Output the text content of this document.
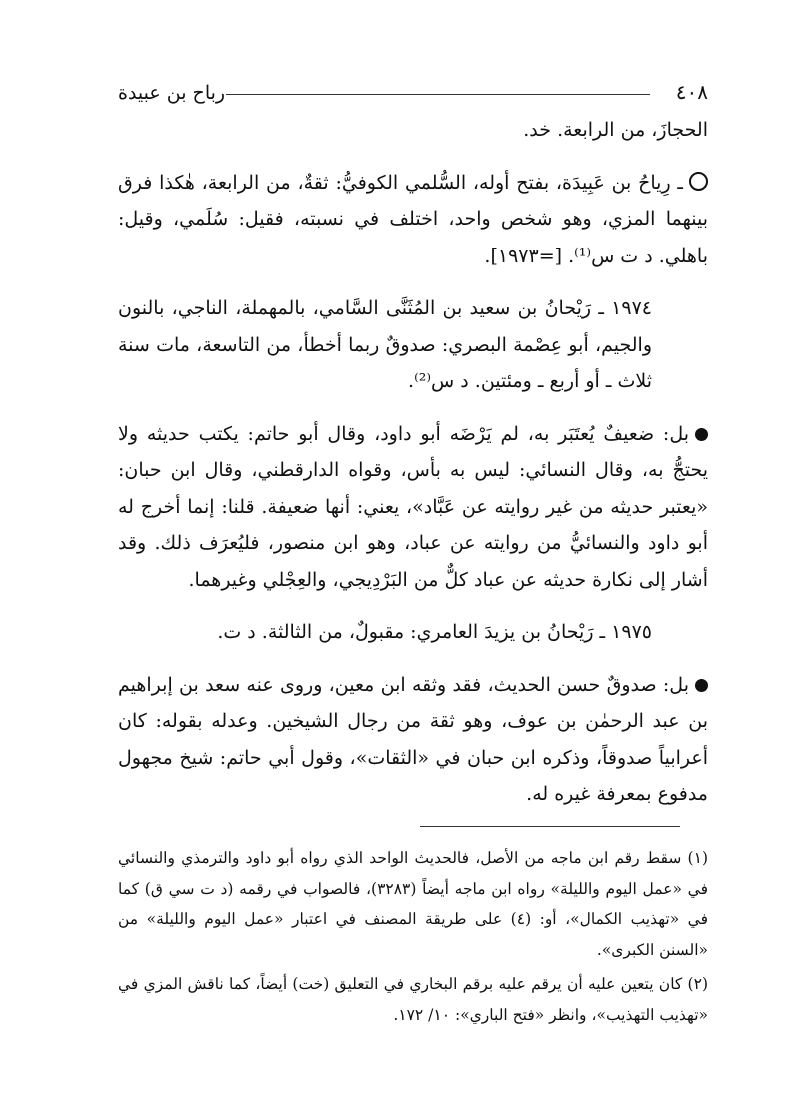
٤٠٨
رباح بن عبيدة

الحجازَ، من الرابعة. خد.

ـ رِياحُ بن عَبِيدَة، بفتح أوله، السُّلمي الكوفيُّ: ثقةٌ، من الرابعة، هٰكذا فرق بينهما المزي، وهو شخص واحد، اختلف في نسبته، فقيل: سُلَمي، وقيل: باهلي. د ت س⁽¹⁾. [=١٩٧٣].

١٩٧٤ ـ رَيْحانُ بن سعيد بن المُثَنَّى السَّامي، بالمهملة، الناجي، بالنون والجيم، أبو عِصْمة البصري: صدوقٌ ربما أخطأ، من التاسعة، مات سنة ثلاث ـ أو أربع ـ ومئتين. د س⁽²⁾.

بل: ضعيفٌ يُعتَبَر به، لم يَرْضَه أبو داود، وقال أبو حاتم: يكتب حديثه ولا يحتجُّ به، وقال النسائي: ليس به بأس، وقواه الدارقطني، وقال ابن حبان: «يعتبر حديثه من غير روايته عن عَبَّاد»، يعني: أنها ضعيفة. قلنا: إنما أخرج له أبو داود والنسائيُّ من روايته عن عباد، وهو ابن منصور، فليُعرَف ذلك. وقد أشار إلى نكارة حديثه عن عباد كلٌّ من البَرْدِيجي، والعِجْلي وغيرهما.

١٩٧٥ ـ رَيْحانُ بن يزيدَ العامري: مقبولٌ، من الثالثة. د ت.

بل: صدوقٌ حسن الحديث، فقد وثقه ابن معين، وروى عنه سعد بن إبراهيم بن عبد الرحمٰن بن عوف، وهو ثقة من رجال الشيخين. وعدله بقوله: كان أعرابياً صدوقاً، وذكره ابن حبان في «الثقات»، وقول أبي حاتم: شيخ مجهول مدفوع بمعرفة غيره له.

(١) سقط رقم ابن ماجه من الأصل، فالحديث الواحد الذي رواه أبو داود والترمذي والنسائي في «عمل اليوم والليلة» رواه ابن ماجه أيضاً (٣٢٨٣)، فالصواب في رقمه (د ت سي ق) كما في «تهذيب الكمال»، أو: (٤) على طريقة المصنف في اعتبار «عمل اليوم والليلة» من «السنن الكبرى».

(٢) كان يتعين عليه أن يرقم عليه برقم البخاري في التعليق (خت) أيضاً، كما ناقش المزي في «تهذيب التهذيب»، وانظر «فتح الباري»: ١٠/ ١٧٢.
